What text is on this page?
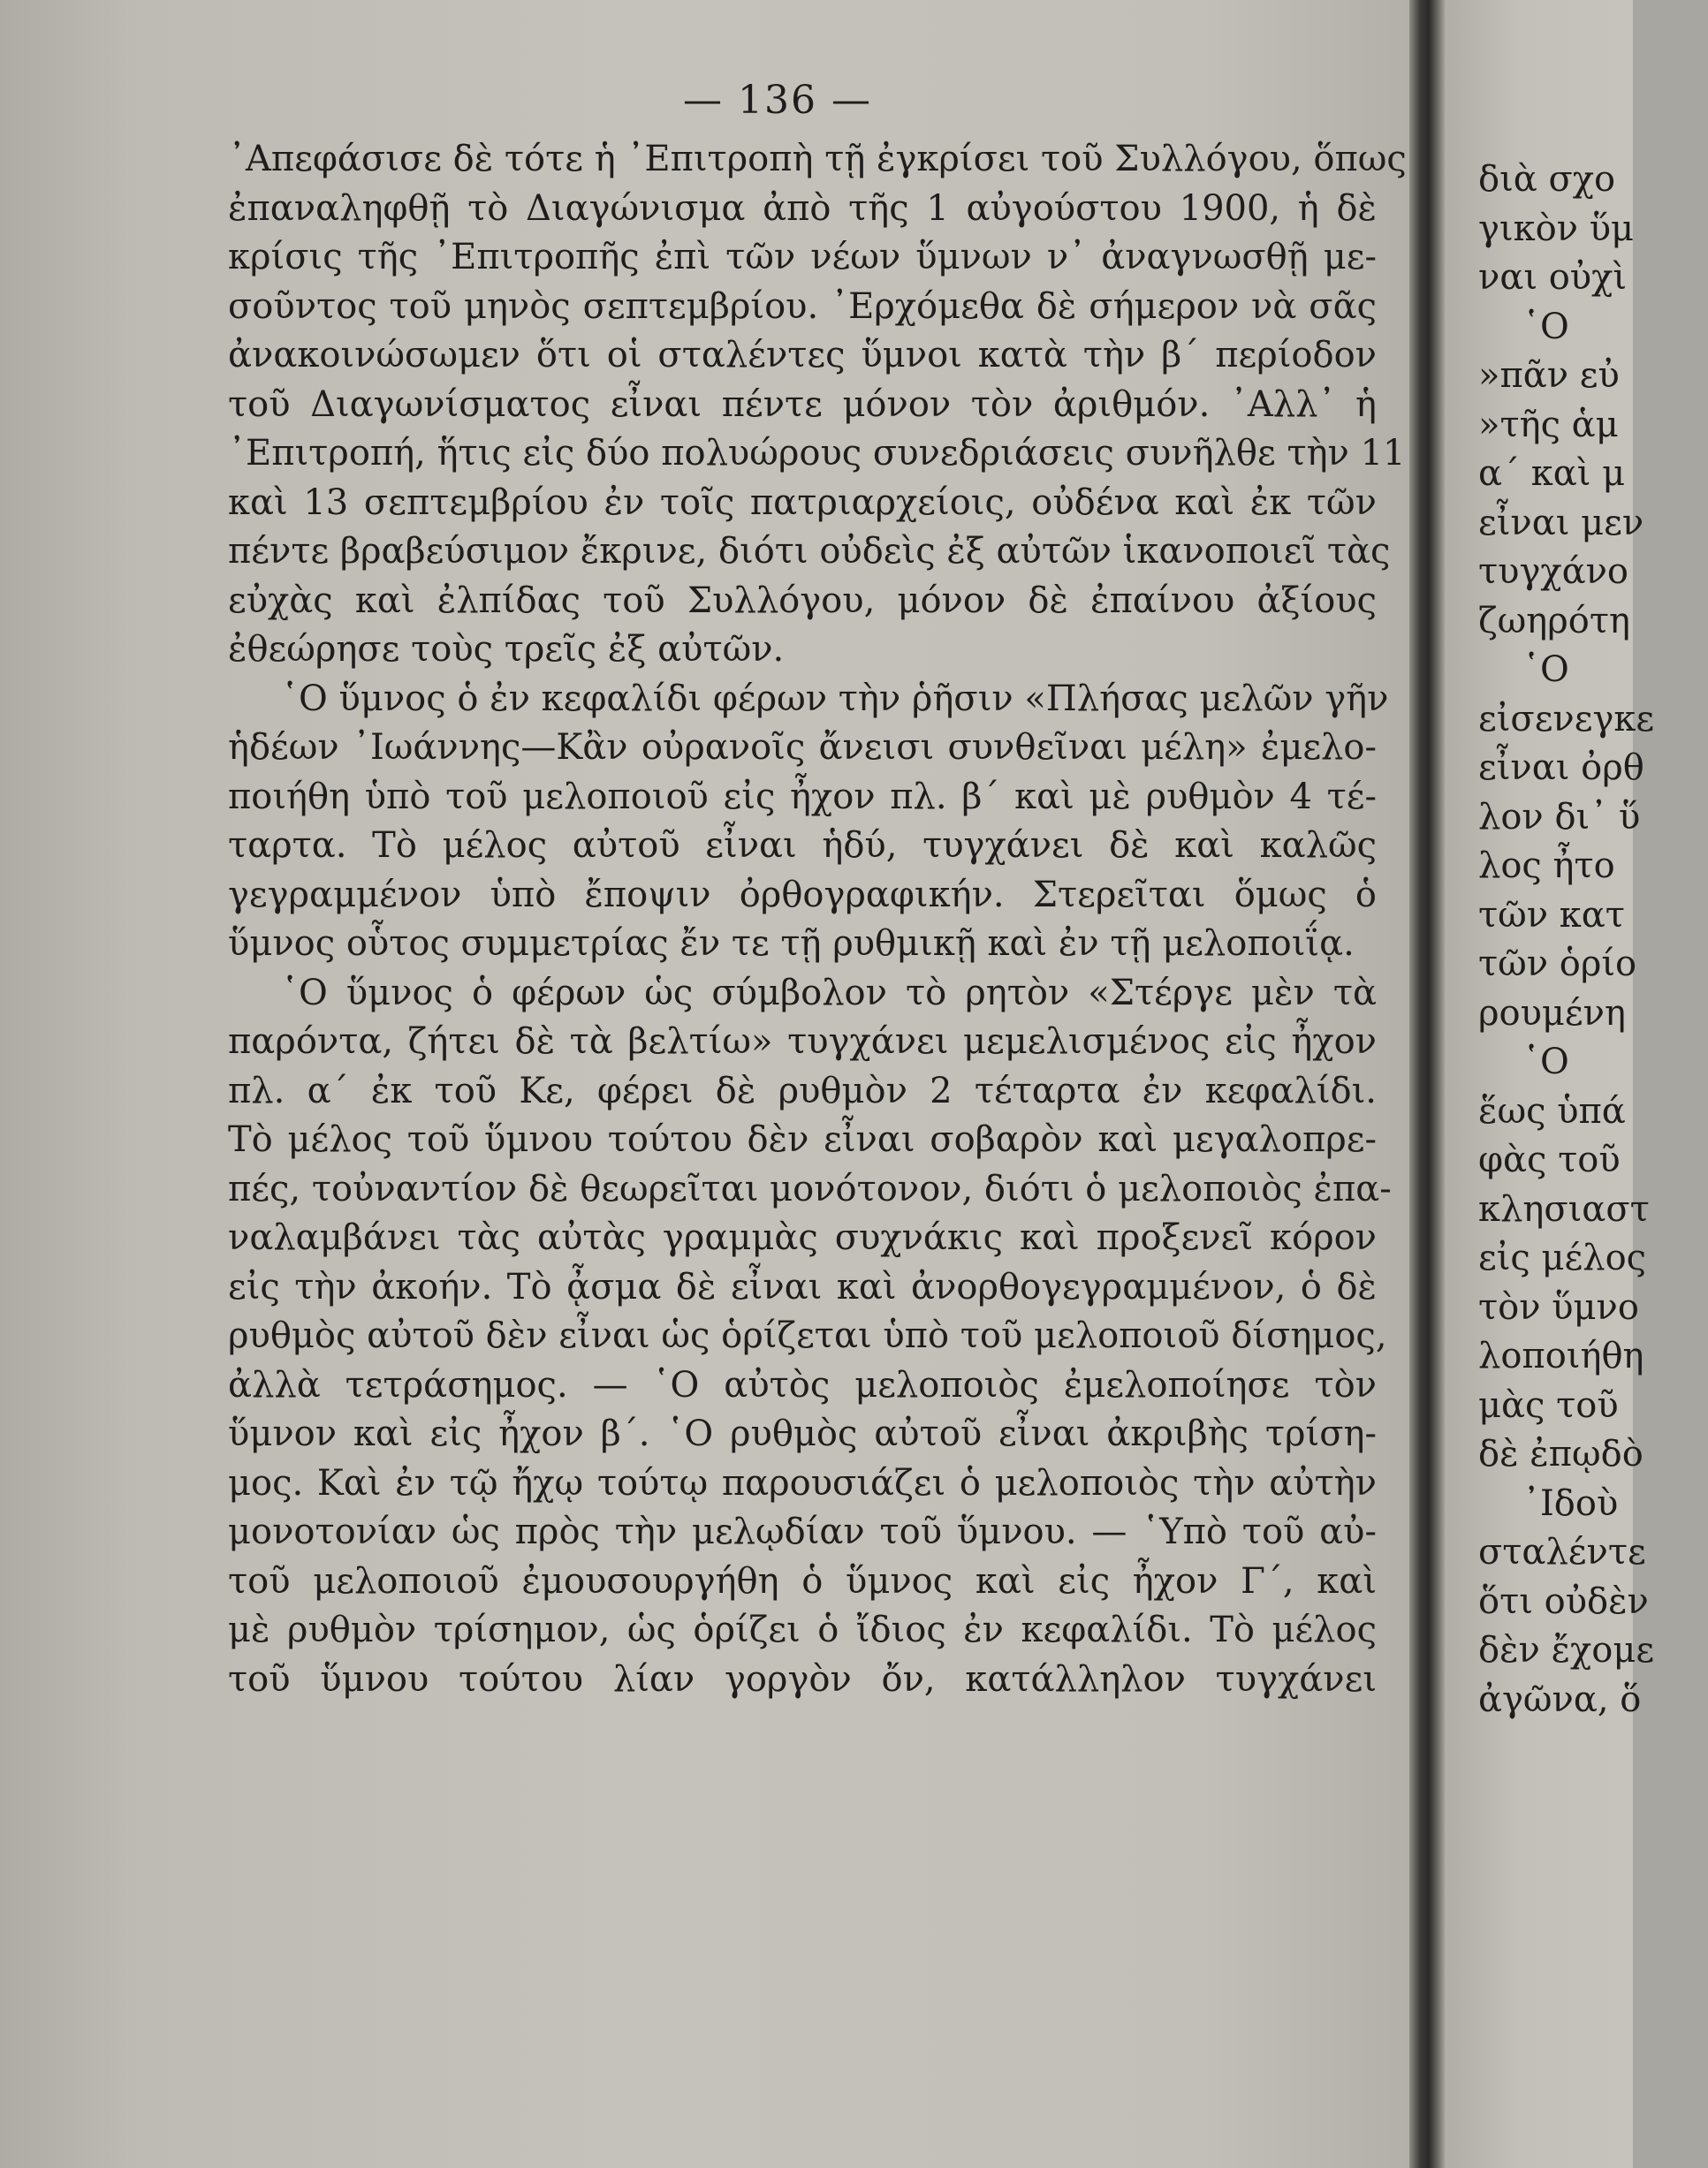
— 136 —
᾿Απεφάσισε δὲ τότε ἡ ᾿Επιτροπὴ τῇ ἐγκρίσει τοῦ Συλλόγου, ὅπως
ἐπαναληφθῇ τὸ Διαγώνισμα ἀπὸ τῆς 1 αὐγούστου 1900, ἡ δὲ
κρίσις τῆς ᾿Επιτροπῆς ἐπὶ τῶν νέων ὕμνων ν᾿ ἀναγνωσθῇ με-
σοῦντος τοῦ μηνὸς σεπτεμβρίου. ᾿Ερχόμεθα δὲ σήμερον νὰ σᾶς
ἀνακοινώσωμεν ὅτι οἱ σταλέντες ὕμνοι κατὰ τὴν β΄ περίοδον
τοῦ Διαγωνίσματος εἶναι πέντε μόνον τὸν ἀριθμόν. ᾿Αλλ᾿ ἡ
᾿Επιτροπή, ἥτις εἰς δύο πολυώρους συνεδριάσεις συνῆλθε τὴν 11
καὶ 13 σεπτεμβρίου ἐν τοῖς πατριαρχείοις, οὐδένα καὶ ἐκ τῶν
πέντε βραβεύσιμον ἔκρινε, διότι οὐδεὶς ἐξ αὐτῶν ἱκανοποιεῖ τὰς
εὐχὰς καὶ ἐλπίδας τοῦ Συλλόγου, μόνον δὲ ἐπαίνου ἀξίους
ἐθεώρησε τοὺς τρεῖς ἐξ αὐτῶν.
῾Ο ὕμνος ὁ ἐν κεφαλίδι φέρων τὴν ῥῆσιν «Πλήσας μελῶν γῆν
ἡδέων ᾿Ιωάννης—Κἂν οὐρανοῖς ἄνεισι συνθεῖναι μέλη» ἐμελο-
ποιήθη ὑπὸ τοῦ μελοποιοῦ εἰς ἦχον πλ. β΄ καὶ μὲ ρυθμὸν 4 τέ-
ταρτα. Τὸ μέλος αὐτοῦ εἶναι ἡδύ, τυγχάνει δὲ καὶ καλῶς
γεγραμμένον ὑπὸ ἔποψιν ὀρθογραφικήν. Στερεῖται ὅμως ὁ
ὕμνος οὗτος συμμετρίας ἔν τε τῇ ρυθμικῇ καὶ ἐν τῇ μελοποιΐᾳ.
῾Ο ὕμνος ὁ φέρων ὡς σύμβολον τὸ ρητὸν «Στέργε μὲν τὰ
παρόντα, ζήτει δὲ τὰ βελτίω» τυγχάνει μεμελισμένος εἰς ἦχον
πλ. α΄ ἐκ τοῦ Κε, φέρει δὲ ρυθμὸν 2 τέταρτα ἐν κεφαλίδι.
Τὸ μέλος τοῦ ὕμνου τούτου δὲν εἶναι σοβαρὸν καὶ μεγαλοπρε-
πές, τοὐναντίον δὲ θεωρεῖται μονότονον, διότι ὁ μελοποιὸς ἐπα-
ναλαμβάνει τὰς αὐτὰς γραμμὰς συχνάκις καὶ προξενεῖ κόρον
εἰς τὴν ἀκοήν. Τὸ ᾆσμα δὲ εἶναι καὶ ἀνορθογεγραμμένον, ὁ δὲ
ρυθμὸς αὐτοῦ δὲν εἶναι ὡς ὁρίζεται ὑπὸ τοῦ μελοποιοῦ δίσημος,
ἀλλὰ τετράσημος. — ῾Ο αὐτὸς μελοποιὸς ἐμελοποίησε τὸν
ὕμνον καὶ εἰς ἦχον β΄. ῾Ο ρυθμὸς αὐτοῦ εἶναι ἀκριβὴς τρίση-
μος. Καὶ ἐν τῷ ἤχῳ τούτῳ παρουσιάζει ὁ μελοποιὸς τὴν αὐτὴν
μονοτονίαν ὡς πρὸς τὴν μελῳδίαν τοῦ ὕμνου. — ῾Υπὸ τοῦ αὐ-
τοῦ μελοποιοῦ ἐμουσουργήθη ὁ ὕμνος καὶ εἰς ἦχον Γ΄, καὶ
μὲ ρυθμὸν τρίσημον, ὡς ὁρίζει ὁ ἴδιος ἐν κεφαλίδι. Τὸ μέλος
τοῦ ὕμνου τούτου λίαν γοργὸν ὄν, κατάλληλον τυγχάνει
διὰ σχο
γικὸν ὕμ
ναι οὐχὶ
῾Ο
»πᾶν εὐ
»τῆς ἁμ
α΄ καὶ μ
εἶναι μεν
τυγχάνο
ζωηρότη
῾Ο
εἰσενεγκε
εἶναι ὀρθ
λον δι᾿ ὕ
λος ἦτο
τῶν κατ
τῶν ὁρίο
ρουμένη
῾Ο
ἕως ὑπά
φὰς τοῦ
κλησιαστ
εἰς μέλος
τὸν ὕμνο
λοποιήθη
μὰς τοῦ
δὲ ἐπῳδὸ
᾿Ιδοὺ
σταλέντε
ὅτι οὐδὲν
δὲν ἔχομε
ἀγῶνα, ὅ
